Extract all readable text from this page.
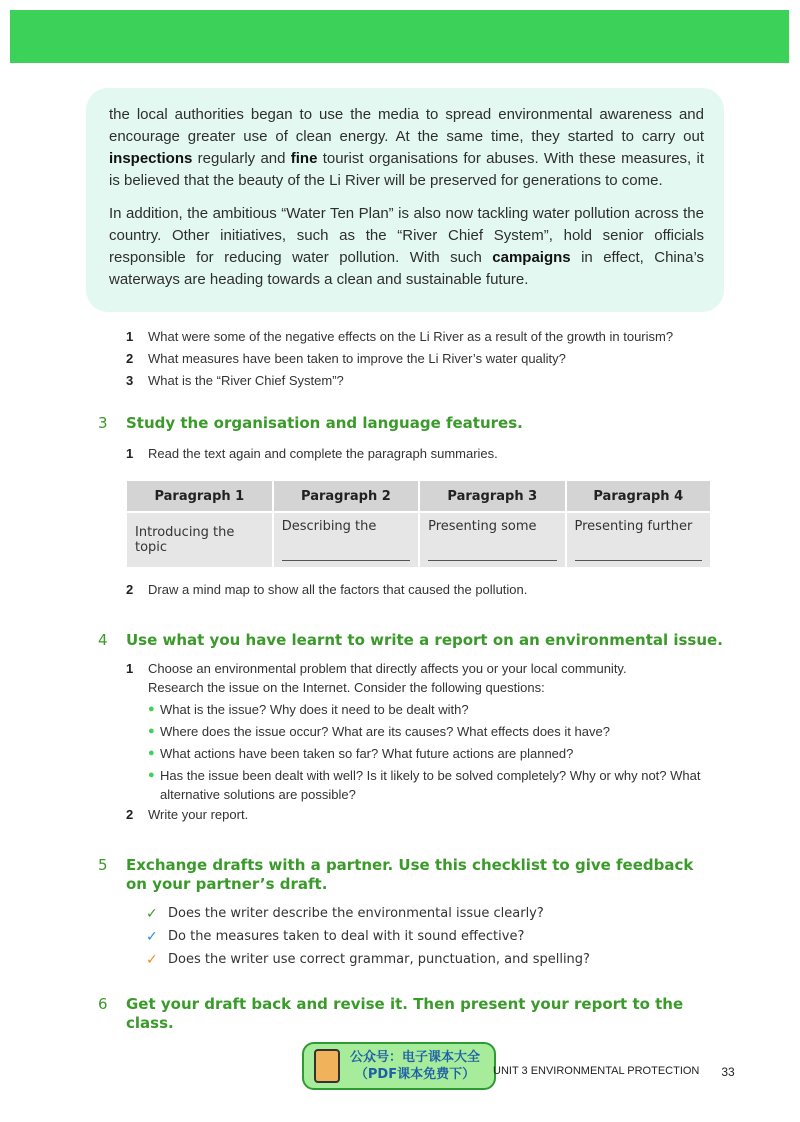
the local authorities began to use the media to spread environmental awareness and encourage greater use of clean energy. At the same time, they started to carry out inspections regularly and fine tourist organisations for abuses. With these measures, it is believed that the beauty of the Li River will be preserved for generations to come.

In addition, the ambitious “Water Ten Plan” is also now tackling water pollution across the country. Other initiatives, such as the “River Chief System”, hold senior officials responsible for reducing water pollution. With such campaigns in effect, China’s waterways are heading towards a clean and sustainable future.

1	What were some of the negative effects on the Li River as a result of the growth in tourism?
2	What measures have been taken to improve the Li River’s water quality?
3	What is the “River Chief System”?
3	Study the organisation and language features.
1	Read the text again and complete the paragraph summaries.
Paragraph 1	Paragraph 2	Paragraph 3	Paragraph 4
Introducing the topic	Describing the	Presenting some	Presenting further
2	Draw a mind map to show all the factors that caused the pollution.
4	Use what you have learnt to write a report on an environmental issue.
1	Choose an environmental problem that directly affects you or your local community.
Research the issue on the Internet. Consider the following questions:
● What is the issue? Why does it need to be dealt with?
● Where does the issue occur? What are its causes? What effects does it have?
● What actions have been taken so far? What future actions are planned?
● Has the issue been dealt with well? Is it likely to be solved completely? Why or why not? What alternative solutions are possible?
2	Write your report.
5	Exchange drafts with a partner. Use this checklist to give feedback on your partner’s draft.
✓ Does the writer describe the environmental issue clearly?
✓ Do the measures taken to deal with it sound effective?
✓ Does the writer use correct grammar, punctuation, and spelling?
6	Get your draft back and revise it. Then present your report to the class.
公众号：电子课本大全
（PDF课本免费下）	UNIT 3 ENVIRONMENTAL PROTECTION 33
